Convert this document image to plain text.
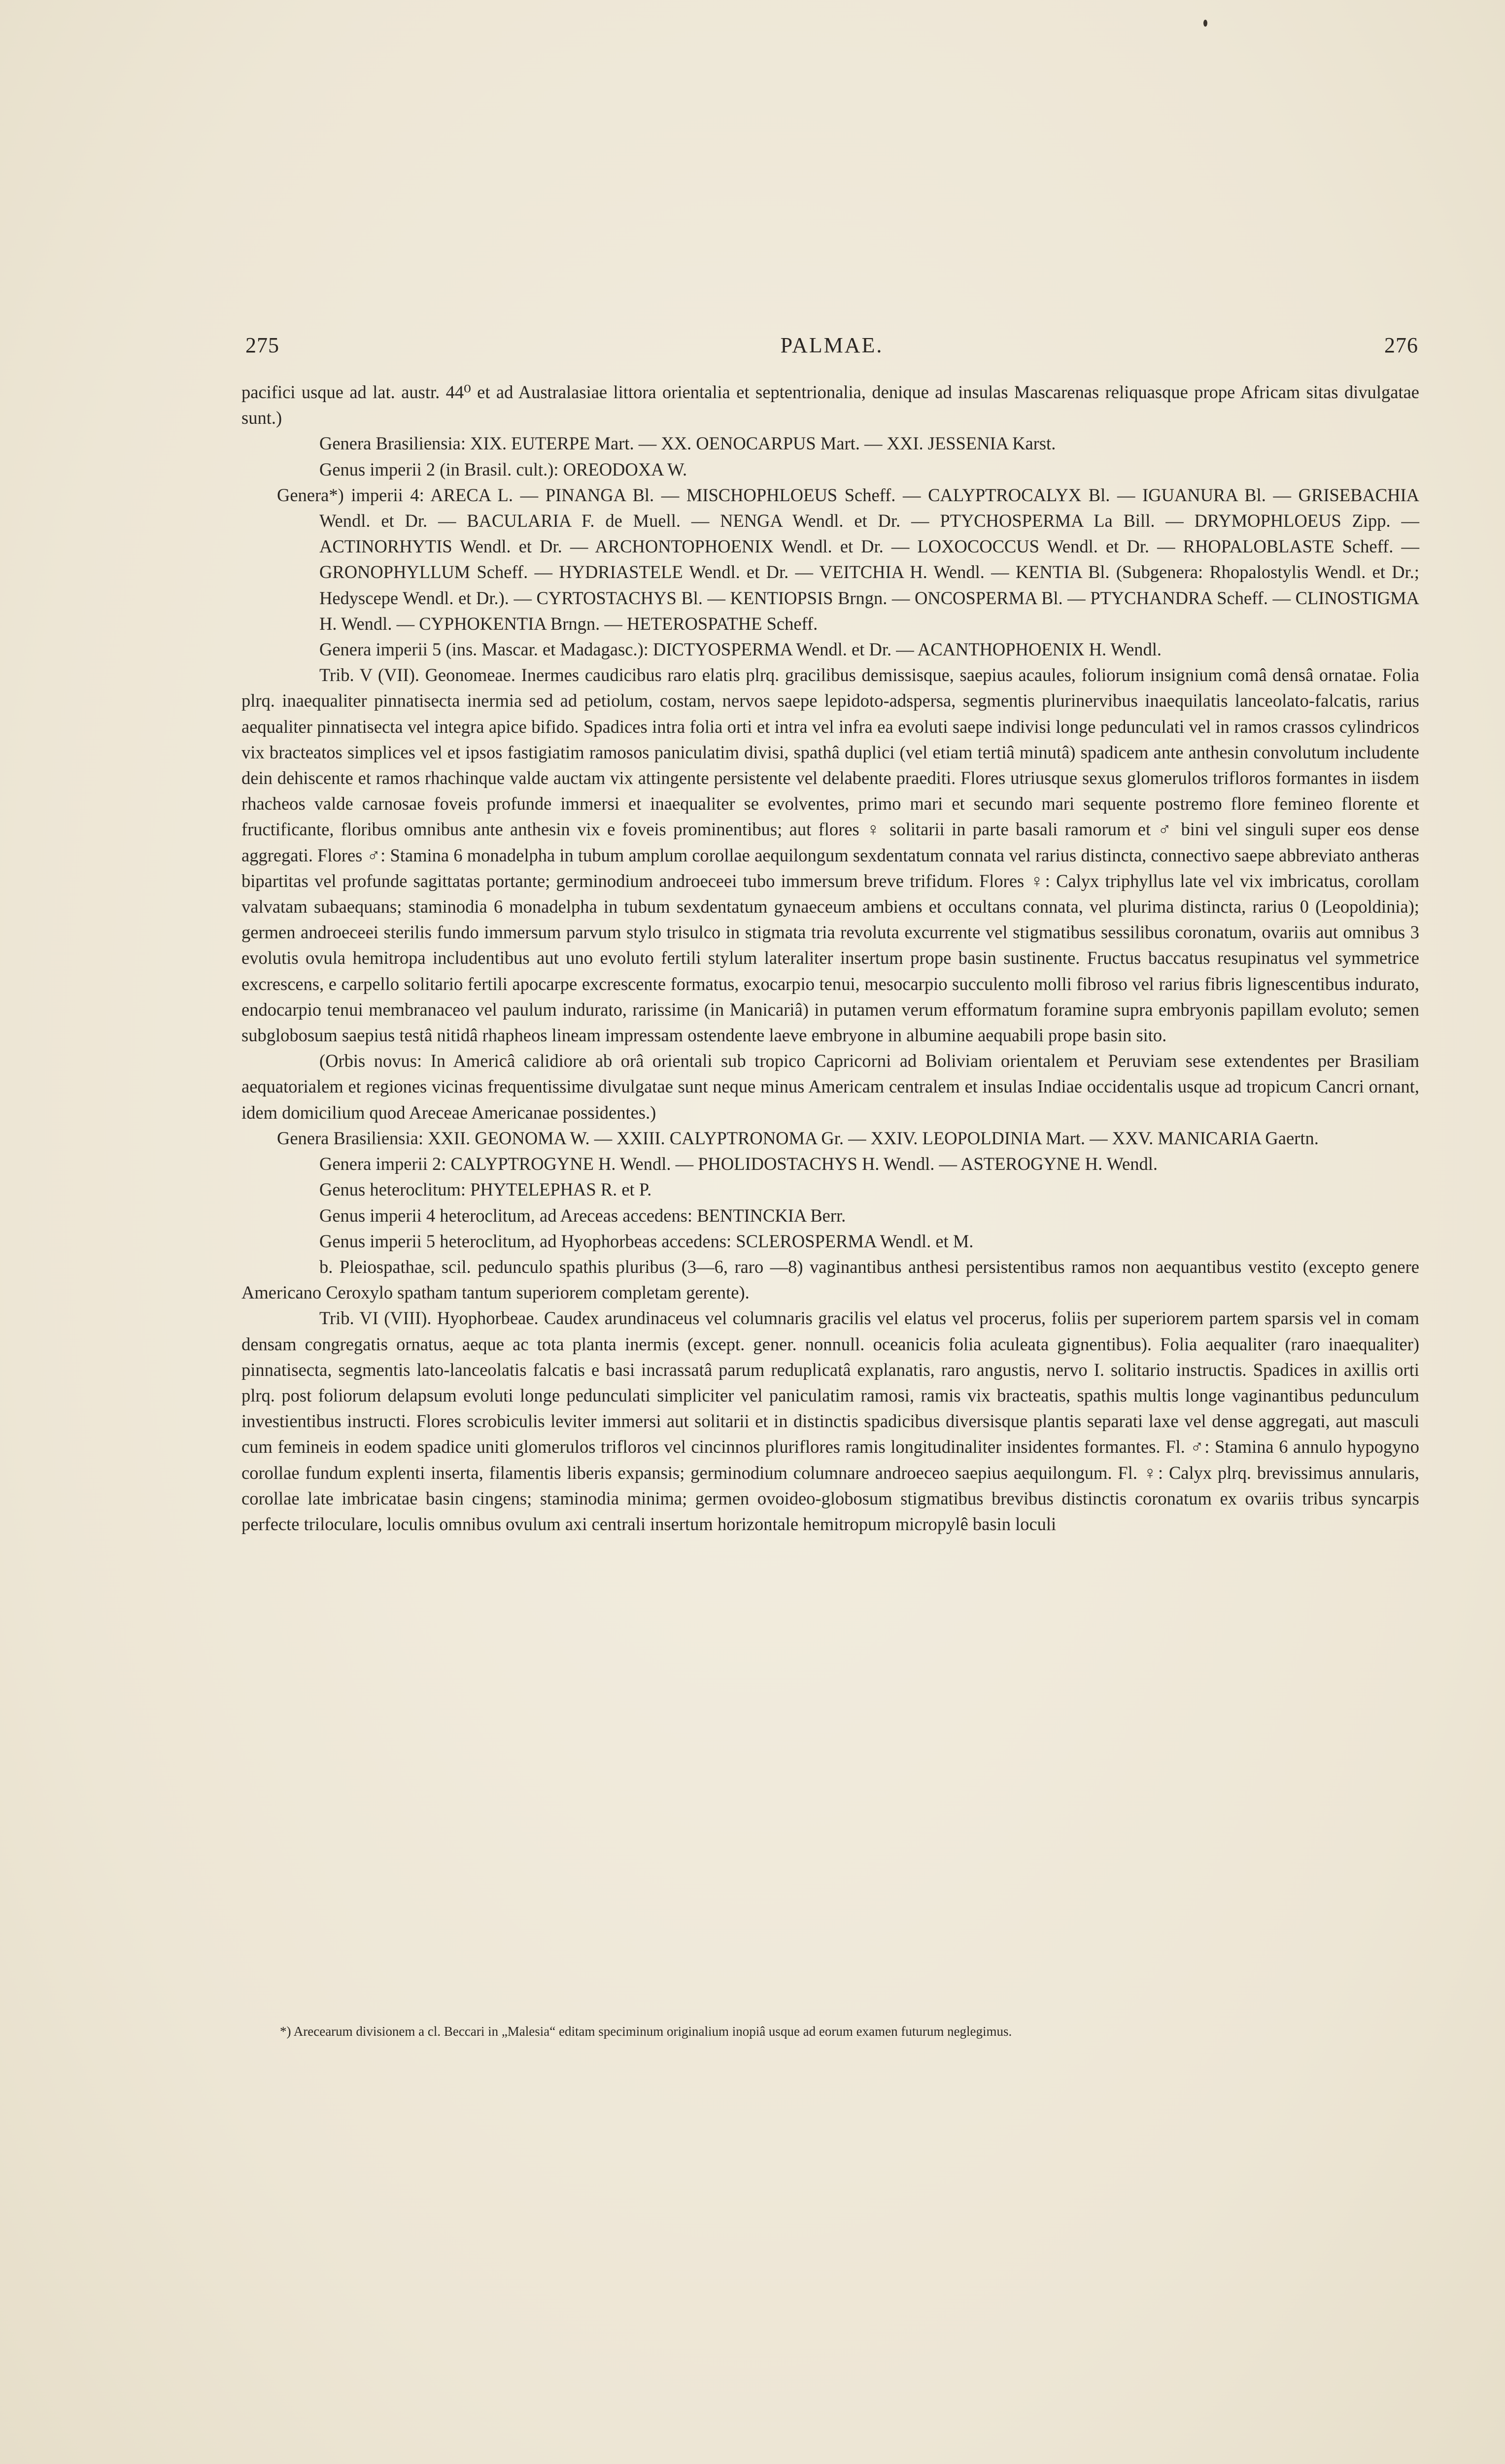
275	PALMAE.	276

pacifici usque ad lat. austr. 44⁰ et ad Australasiae littora orientalia et septentrionalia, denique ad insulas Mascarenas reliquasque prope Africam sitas divulgatae sunt.)

Genera Brasiliensia: XIX. EUTERPE Mart. — XX. OENOCARPUS Mart. — XXI. JESSENIA Karst.

Genus imperii 2 (in Brasil. cult.): OREODOXA W.

Genera*) imperii 4: ARECA L. — PINANGA Bl. — MISCHOPHLOEUS Scheff. — CALYPTROCALYX Bl. — IGUANURA Bl. — GRISEBACHIA Wendl. et Dr. — BACULARIA F. de Muell. — NENGA Wendl. et Dr. — PTYCHOSPERMA La Bill. — DRYMOPHLOEUS Zipp. — ACTINORHYTIS Wendl. et Dr. — ARCHONTOPHOENIX Wendl. et Dr. — LOXOCOCCUS Wendl. et Dr. — RHOPALOBLASTE Scheff. — GRONOPHYLLUM Scheff. — HYDRIASTELE Wendl. et Dr. — VEITCHIA H. Wendl. — KENTIA Bl. (Subgenera: Rhopalostylis Wendl. et Dr.; Hedyscepe Wendl. et Dr.). — CYRTOSTACHYS Bl. — KENTIOPSIS Brngn. — ONCOSPERMA Bl. — PTYCHANDRA Scheff. — CLINOSTIGMA H. Wendl. — CYPHOKENTIA Brngn. — HETEROSPATHE Scheff.

Genera imperii 5 (ins. Mascar. et Madagasc.): DICTYOSPERMA Wendl. et Dr. — ACANTHOPHOENIX H. Wendl.

Trib. V (VII). Geonomeae. Inermes caudicibus raro elatis plrq. gracilibus demissisque, saepius acaules, foliorum insignium comâ densâ ornatae. Folia plrq. inaequaliter pinnatisecta inermia sed ad petiolum, costam, nervos saepe lepidoto-adspersa, segmentis plurinervibus inaequilatis lanceolato-falcatis, rarius aequaliter pinnatisecta vel integra apice bifido. Spadices intra folia orti et intra vel infra ea evoluti saepe indivisi longe pedunculati vel in ramos crassos cylindricos vix bracteatos simplices vel et ipsos fastigiatim ramosos paniculatim divisi, spathâ duplici (vel etiam tertiâ minutâ) spadicem ante anthesin convolutum includente dein dehiscente et ramos rhachinque valde auctam vix attingente persistente vel delabente praediti. Flores utriusque sexus glomerulos trifloros formantes in iisdem rhacheos valde carnosae foveis profunde immersi et inaequaliter se evolventes, primo mari et secundo mari sequente postremo flore femineo florente et fructificante, floribus omnibus ante anthesin vix e foveis prominentibus; aut flores ♀ solitarii in parte basali ramorum et ♂ bini vel singuli super eos dense aggregati. Flores ♂: Stamina 6 monadelpha in tubum amplum corollae aequilongum sexdentatum connata vel rarius distincta, connectivo saepe abbreviato antheras bipartitas vel profunde sagittatas portante; germinodium androeceei tubo immersum breve trifidum. Flores ♀: Calyx triphyllus late vel vix imbricatus, corollam valvatam subaequans; staminodia 6 monadelpha in tubum sexdentatum gynaeceum ambiens et occultans connata, vel plurima distincta, rarius 0 (Leopoldinia); germen androeceei sterilis fundo immersum parvum stylo trisulco in stigmata tria revoluta excurrente vel stigmatibus sessilibus coronatum, ovariis aut omnibus 3 evolutis ovula hemitropa includentibus aut uno evoluto fertili stylum lateraliter insertum prope basin sustinente. Fructus baccatus resupinatus vel symmetrice excrescens, e carpello solitario fertili apocarpe excrescente formatus, exocarpio tenui, mesocarpio succulento molli fibroso vel rarius fibris lignescentibus indurato, endocarpio tenui membranaceo vel paulum indurato, rarissime (in Manicariâ) in putamen verum efformatum foramine supra embryonis papillam evoluto; semen subglobosum saepius testâ nitidâ rhapheos lineam impressam ostendente laeve embryone in albumine aequabili prope basin sito.

(Orbis novus: In Americâ calidiore ab orâ orientali sub tropico Capricorni ad Boliviam orientalem et Peruviam sese extendentes per Brasiliam aequatorialem et regiones vicinas frequentissime divulgatae sunt neque minus Americam centralem et insulas Indiae occidentalis usque ad tropicum Cancri ornant, idem domicilium quod Areceae Americanae possidentes.)

Genera Brasiliensia: XXII. GEONOMA W. — XXIII. CALYPTRONOMA Gr. — XXIV. LEOPOLDINIA Mart. — XXV. MANICARIA Gaertn.

Genera imperii 2: CALYPTROGYNE H. Wendl. — PHOLIDOSTACHYS H. Wendl. — ASTEROGYNE H. Wendl.

Genus heteroclitum: PHYTELEPHAS R. et P.

Genus imperii 4 heteroclitum, ad Areceas accedens: BENTINCKIA Berr.

Genus imperii 5 heteroclitum, ad Hyophorbeas accedens: SCLEROSPERMA Wendl. et M.

b. Pleiospathae, scil. pedunculo spathis pluribus (3—6, raro —8) vaginantibus anthesi persistentibus ramos non aequantibus vestito (excepto genere Americano Ceroxylo spatham tantum superiorem completam gerente).

Trib. VI (VIII). Hyophorbeae. Caudex arundinaceus vel columnaris gracilis vel elatus vel procerus, foliis per superiorem partem sparsis vel in comam densam congregatis ornatus, aeque ac tota planta inermis (except. gener. nonnull. oceanicis folia aculeata gignentibus). Folia aequaliter (raro inaequaliter) pinnatisecta, segmentis lato-lanceolatis falcatis e basi incrassatâ parum reduplicatâ explanatis, raro angustis, nervo I. solitario instructis. Spadices in axillis orti plrq. post foliorum delapsum evoluti longe pedunculati simpliciter vel paniculatim ramosi, ramis vix bracteatis, spathis multis longe vaginantibus pedunculum investientibus instructi. Flores scrobiculis leviter immersi aut solitarii et in distinctis spadicibus diversisque plantis separati laxe vel dense aggregati, aut masculi cum femineis in eodem spadice uniti glomerulos trifloros vel cincinnos pluriflores ramis longitudinaliter insidentes formantes. Fl. ♂: Stamina 6 annulo hypogyno corollae fundum explenti inserta, filamentis liberis expansis; germinodium columnare androeceo saepius aequilongum. Fl. ♀: Calyx plrq. brevissimus annularis, corollae late imbricatae basin cingens; staminodia minima; germen ovoideo-globosum stigmatibus brevibus distinctis coronatum ex ovariis tribus syncarpis perfecte triloculare, loculis omnibus ovulum axi centrali insertum horizontale hemitropum micropylê basin loculi

*) Arecearum divisionem a cl. Beccari in „Malesia“ editam speciminum originalium inopiâ usque ad eorum examen futurum neglegimus.
